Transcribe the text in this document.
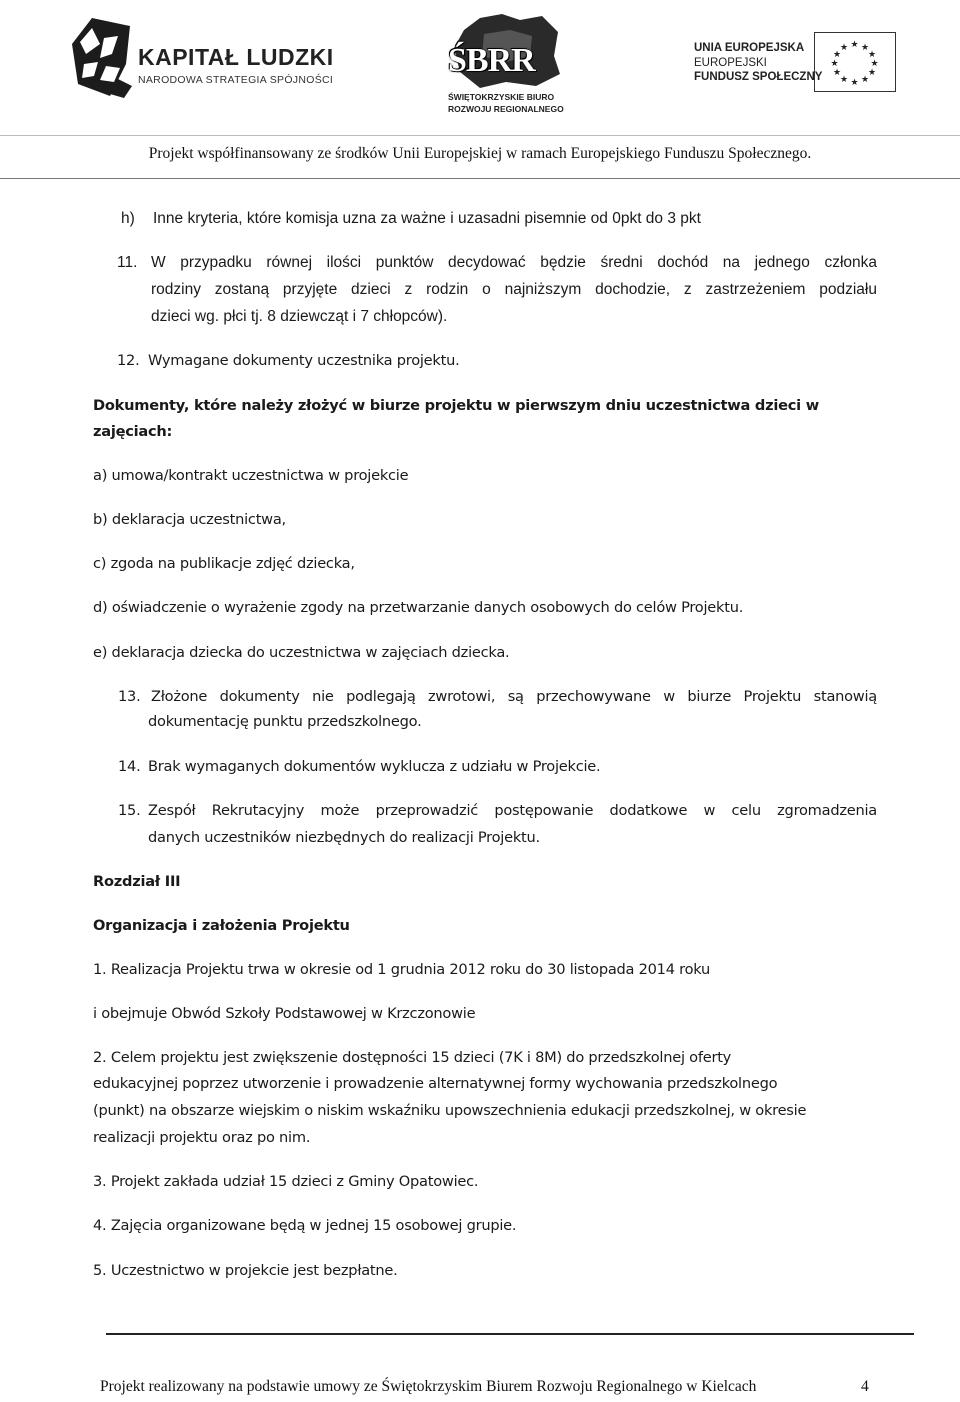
KAPITAŁ LUDZKI
NARODOWA STRATEGIA SPÓJNOŚCI
ŚBRR
ŚWIĘTOKRZYSKIE BIURO
ROZWOJU REGIONALNEGO
UNIA EUROPEJSKA
EUROPEJSKI
FUNDUSZ SPOŁECZNY
★ ★
★
★
★
★
★
★
★
★
★
★
Projekt współfinansowany ze środków Unii Europejskiej w ramach Europejskiego Funduszu Społecznego.
h) Inne kryteria, które komisja uzna za ważne i uzasadni pisemnie od 0pkt do 3 pkt
11. W przypadku równej ilości punktów decydować będzie średni dochód na jednego członka
rodziny zostaną przyjęte dzieci z rodzin o najniższym dochodzie, z zastrzeżeniem podziału
dzieci wg. płci tj. 8 dziewcząt i 7 chłopców).
12. Wymagane dokumenty uczestnika projektu.
Dokumenty, które należy złożyć w biurze projektu w pierwszym dniu uczestnictwa dzieci w
zajęciach:
a) umowa/kontrakt uczestnictwa w projekcie
b) deklaracja uczestnictwa,
c) zgoda na publikacje zdjęć dziecka,
d) oświadczenie o wyrażenie zgody na przetwarzanie danych osobowych do celów Projektu.
e) deklaracja dziecka do uczestnictwa w zajęciach dziecka.
13. Złożone dokumenty nie podlegają zwrotowi, są przechowywane w biurze Projektu stanowią
dokumentację punktu przedszkolnego.
14. Brak wymaganych dokumentów wyklucza z udziału w Projekcie.
15. Zespół Rekrutacyjny może przeprowadzić postępowanie dodatkowe w celu zgromadzenia
danych uczestników niezbędnych do realizacji Projektu.
Rozdział III
Organizacja i założenia Projektu
1. Realizacja Projektu trwa w okresie od 1 grudnia 2012 roku do 30 listopada 2014 roku
i obejmuje Obwód Szkoły Podstawowej w Krzczonowie
2. Celem projektu jest zwiększenie dostępności 15 dzieci (7K i 8M) do przedszkolnej oferty
edukacyjnej poprzez utworzenie i prowadzenie alternatywnej formy wychowania przedszkolnego
(punkt) na obszarze wiejskim o niskim wskaźniku upowszechnienia edukacji przedszkolnej, w okresie
realizacji projektu oraz po nim.
3. Projekt zakłada udział 15 dzieci z Gminy Opatowiec.
4. Zajęcia organizowane będą w jednej 15 osobowej grupie.
5. Uczestnictwo w projekcie jest bezpłatne.
Projekt realizowany na podstawie umowy ze Świętokrzyskim Biurem Rozwoju Regionalnego w Kielcach	4
